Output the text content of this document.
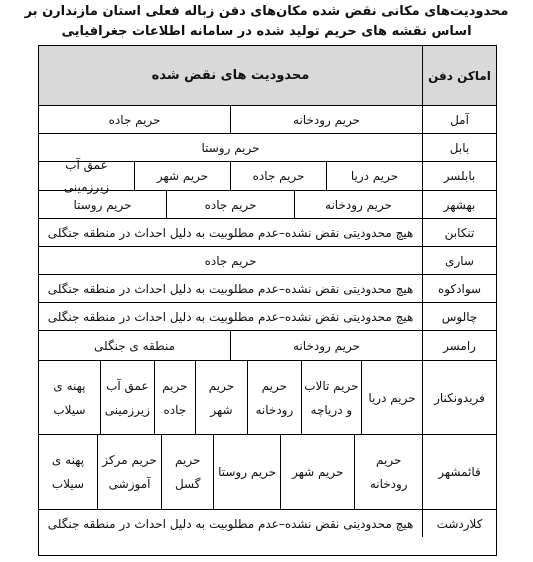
محدودیت‌های مکانی نقض شده مکان‌های دفن زباله فعلی استان مازندارن بر اساس نقشه های حریم تولید شده در سامانه اطلاعات جغرافیایی
اماکن دفن
محدودیت های نقض شده
آمل
حریم رودخانه
حریم جاده
بابل
حریم روستا
بابلسر
حریم دریا
حریم جاده
حریم شهر
عمق آب زیرزمینی
بهشهر
حریم رودخانه
حریم جاده
حریم روستا
تنکابن
هیچ محدودیتی نقض نشده–عدم مطلوبیت به دلیل احداث در منطقه جنگلی
ساری
حریم جاده
سوادکوه
هیچ محدودیتی نقض نشده–عدم مطلوبیت به دلیل احداث در منطقه جنگلی
چالوس
هیچ محدودیتی نقض نشده–عدم مطلوبیت به دلیل احداث در منطقه جنگلی
رامسر
حریم رودخانه
منطقه ی جنگلی
فریدونکنار
حریم دریا
حریم تالاب و دریاچه
حریم رودخانه
حریم شهر
حریم جاده
عمق آب زیرزمینی
پهنه ی سیلاب
قائمشهر
حریم رودخانه
حریم شهر
حریم روستا
حریم گسل
حریم مرکز آموزشی
پهنه ی سیلاب
کلاردشت
هیچ محدودیتی نقض نشده–عدم مطلوبیت به دلیل احداث در منطقه جنگلی
